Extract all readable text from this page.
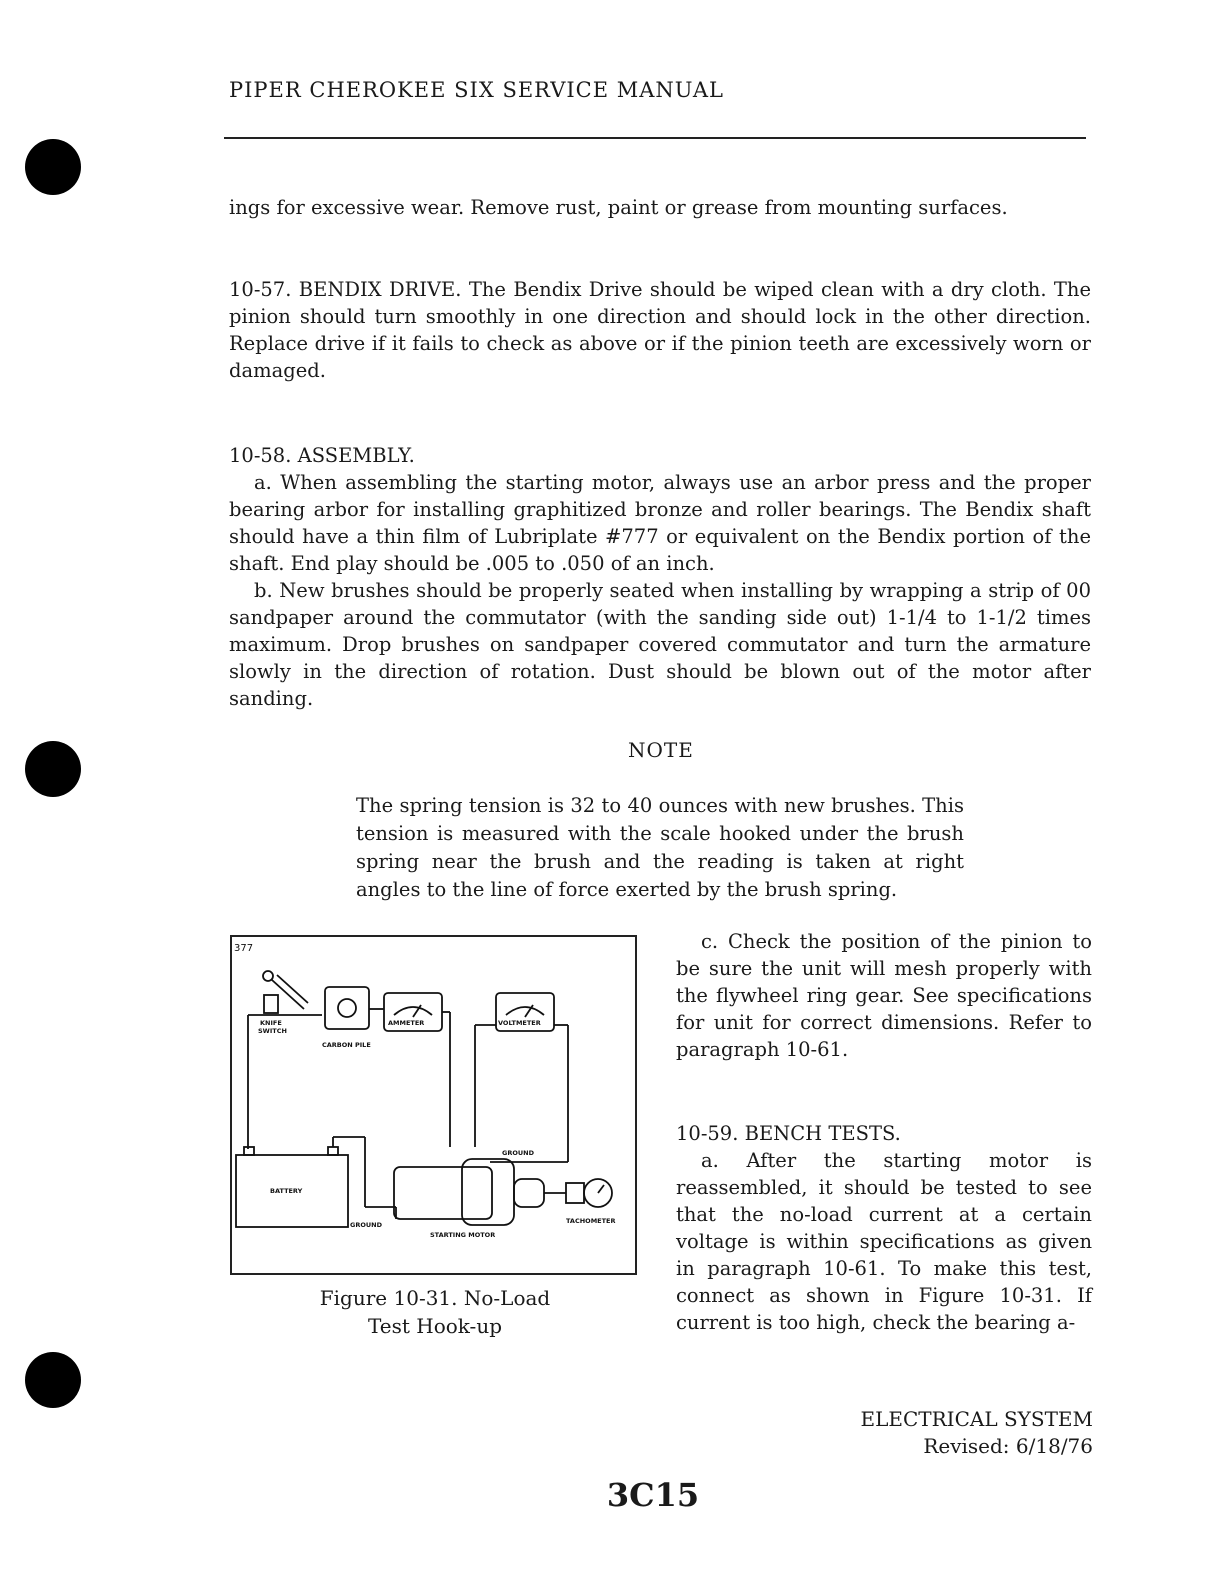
PIPER CHEROKEE SIX SERVICE MANUAL

ings for excessive wear. Remove rust, paint or grease from mounting surfaces.

10-57. BENDIX DRIVE. The Bendix Drive should be wiped clean with a dry cloth. The pinion should turn smoothly in one direction and should lock in the other direction. Replace drive if it fails to check as above or if the pinion teeth are excessively worn or damaged.

10-58. ASSEMBLY.

a. When assembling the starting motor, always use an arbor press and the proper bearing arbor for installing graphitized bronze and roller bearings. The Bendix shaft should have a thin film of Lubriplate #777 or equivalent on the Bendix portion of the shaft. End play should be .005 to .050 of an inch.

b. New brushes should be properly seated when installing by wrapping a strip of 00 sandpaper around the commutator (with the sanding side out) 1-1/4 to 1-1/2 times maximum. Drop brushes on sandpaper covered commutator and turn the armature slowly in the direction of rotation. Dust should be blown out of the motor after sanding.

NOTE
The spring tension is 32 to 40 ounces with new brushes. This tension is measured with the scale hooked under the brush spring near the brush and the reading is taken at right angles to the line of force exerted by the brush spring.
377
KNIFE
SWITCH
CARBON PILE
AMMETER	VOLTMETER
GROUND
BATTERY
GROUND
STARTING MOTOR
TACHOMETER
Figure 10-31. No-Load
Test Hook-up

c. Check the position of the pinion to be sure the unit will mesh properly with the flywheel ring gear. See specifications for unit for correct dimensions. Refer to paragraph 10-61.

10-59. BENCH TESTS.

a. After the starting motor is reassembled, it should be tested to see that the no-load current at a certain voltage is within specifications as given in paragraph 10-61. To make this test, connect as shown in Figure 10-31. If current is too high, check the bearing a-

ELECTRICAL SYSTEM
Revised: 6/18/76
3C15
